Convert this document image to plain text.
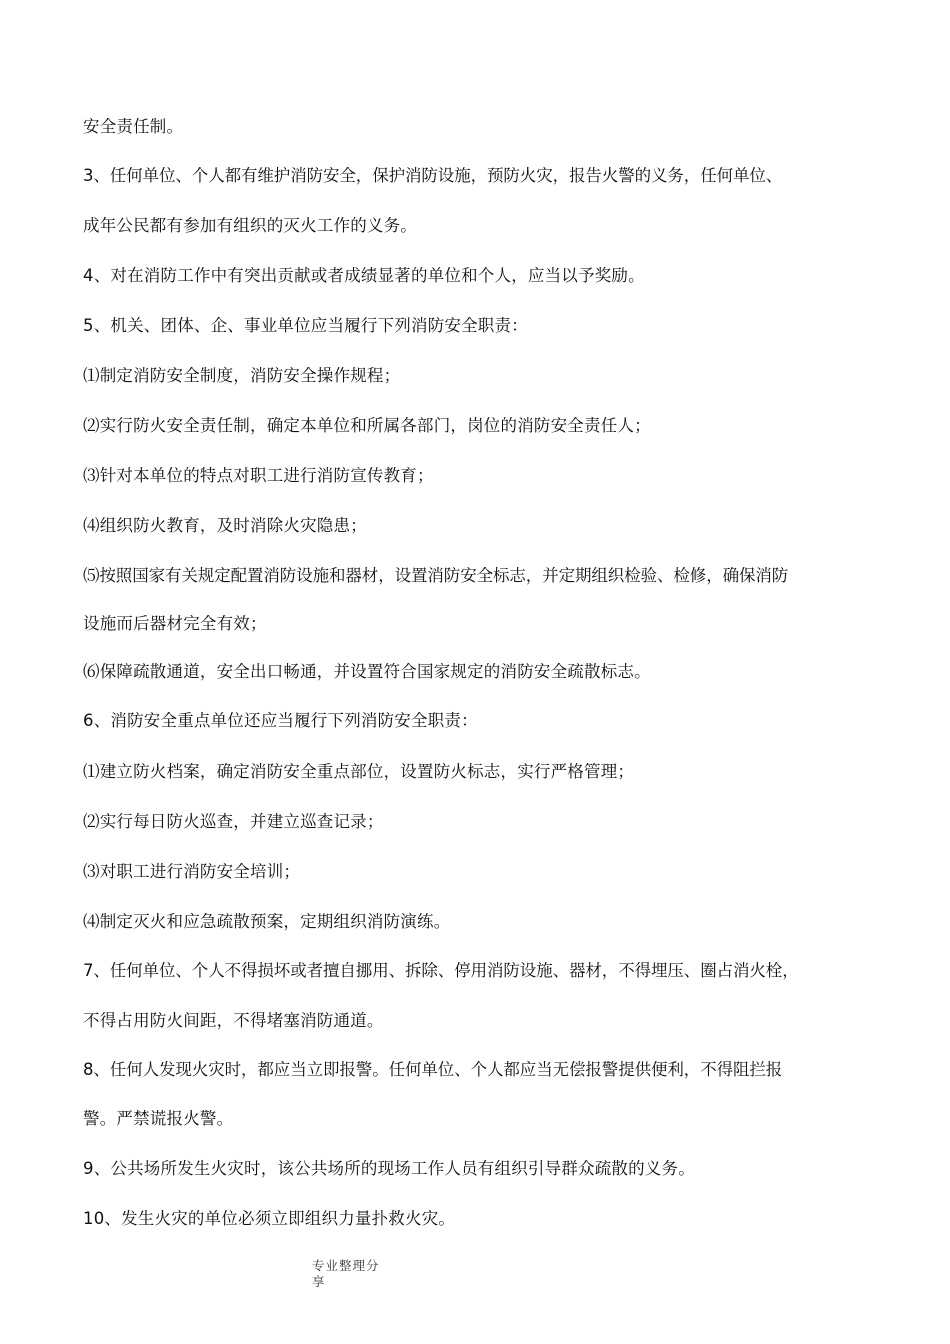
安全责任制。
3、任何单位、个人都有维护消防安全，保护消防设施，预防火灾，报告火警的义务，任何单位、
成年公民都有参加有组织的灭火工作的义务。
4、对在消防工作中有突出贡献或者成绩显著的单位和个人，应当以予奖励。
5、机关、团体、企、事业单位应当履行下列消防安全职责：
⑴制定消防安全制度，消防安全操作规程；
⑵实行防火安全责任制，确定本单位和所属各部门，岗位的消防安全责任人；
⑶针对本单位的特点对职工进行消防宣传教育；
⑷组织防火教育，及时消除火灾隐患；
⑸按照国家有关规定配置消防设施和器材，设置消防安全标志，并定期组织检验、检修，确保消防
设施而后器材完全有效；
⑹保障疏散通道，安全出口畅通，并设置符合国家规定的消防安全疏散标志。
6、消防安全重点单位还应当履行下列消防安全职责：
⑴建立防火档案，确定消防安全重点部位，设置防火标志，实行严格管理；
⑵实行每日防火巡查，并建立巡查记录；
⑶对职工进行消防安全培训；
⑷制定灭火和应急疏散预案，定期组织消防演练。
7、任何单位、个人不得损坏或者擅自挪用、拆除、停用消防设施、器材，不得埋压、圈占消火栓，
不得占用防火间距，不得堵塞消防通道。
8、任何人发现火灾时，都应当立即报警。任何单位、个人都应当无偿报警提供便利，不得阻拦报
警。严禁谎报火警。
9、公共场所发生火灾时，该公共场所的现场工作人员有组织引导群众疏散的义务。
10、发生火灾的单位必须立即组织力量扑救火灾。
专业整理分享
